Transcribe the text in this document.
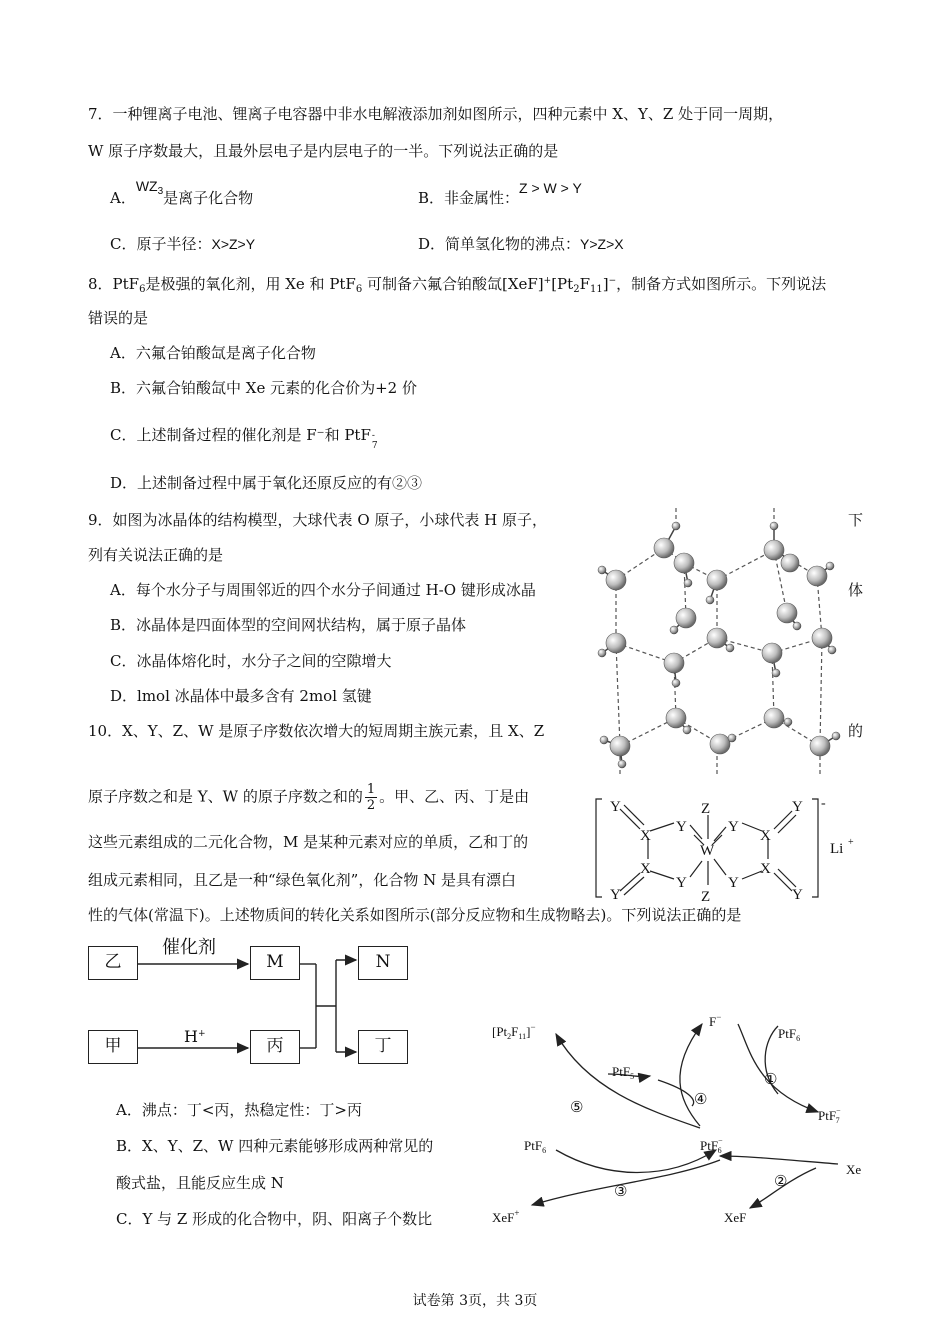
7．一种锂离子电池、锂离子电容器中非水电解液添加剂如图所示，四种元素中 X、Y、Z 处于同一周期，
W 原子序数最大，且最外层电子是内层电子的一半。下列说法正确的是
A．$WZ_3$是离子化合物	B．非金属性：Z > W > Y
C．原子半径：X>Z>Y	D．简单氢化物的沸点：Y>Z>X
8．PtF$_6$是极强的氧化剂，用 Xe 和 PtF$_6$ 可制备六氟合铂酸氙$[XeF]^+[Pt_2F_{11}]^-$，制备方式如图所示。下列说法
错误的是
A．六氟合铂酸氙是离子化合物
B．六氟合铂酸氙中 Xe 元素的化合价为+2 价
C．上述制备过程的催化剂是 F⁻和 PtF -
7
D．上述制备过程中属于氧化还原反应的有②③
9．如图为冰晶体的结构模型，大球代表 O 原子，小球代表 H 原子，	下
列有关说法正确的是
A．每个水分子与周围邻近的四个水分子间通过 H-O 键形成冰晶	体
B．冰晶体是四面体型的空间网状结构，属于原子晶体
C．冰晶体熔化时，水分子之间的空隙增大
D．lmol 冰晶体中最多含有 2mol 氢键
10．X、Y、Z、W 是原子序数依次增大的短周期主族元素，且 X、Z	的
原子序数之和是 Y、W 的原子序数之和的 $\frac{1}{2}$ 。甲、乙、丙、丁是由
这些元素组成的二元化合物，M 是某种元素对应的单质，乙和丁的
组成元素相同，且乙是一种“绿色氧化剂”，化合物 N 是具有漂白
性的气体(常温下)。上述物质间的转化关系如图所示(部分反应物和生成物略去)。下列说法正确的是
A．沸点：丁<丙，热稳定性：丁>丙
B．X、Y、Z、W 四种元素能够形成两种常见的
酸式盐，且能反应生成 N
C．Y 与 Z 形成的化合物中，阴、阳离子个数比
Y
X
Y
Z
W
Y
X
Y
X
Y
Y
Z
Y
X
Y
-
Li +
乙
甲
M
丙
N
丁
催化剂
H+	$[Pt_2F_{11}]^-$	F−
PtF$_6$
PtF$_5$
PtF− 7
PtF− 6
PtF$_6$
Xe
XeF+	XeF
①
②
③
④
⑤
试卷第 3页，共 3页
